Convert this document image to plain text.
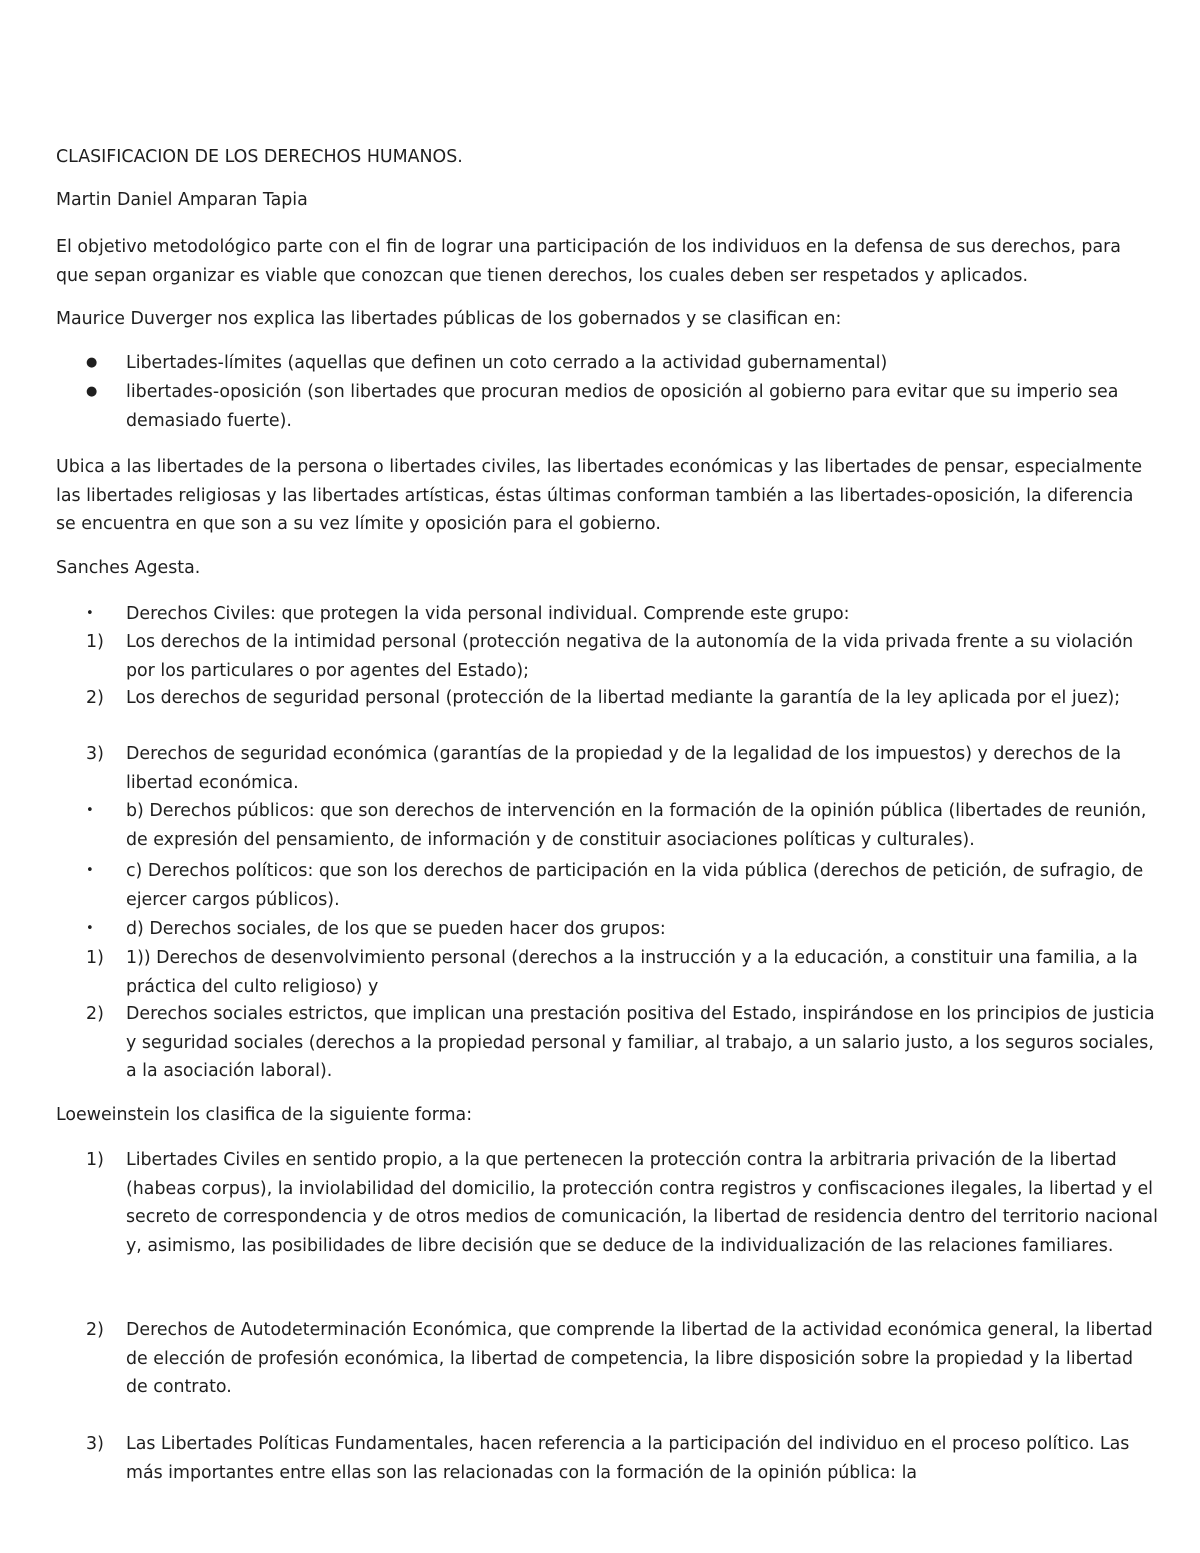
CLASIFICACION DE LOS DERECHOS HUMANOS.

Martin Daniel Amparan Tapia

El objetivo metodológico parte con el fin de lograr una participación de los individuos en la defensa de sus derechos, para que sepan organizar es viable que conozcan que tienen derechos, los cuales deben ser respetados y aplicados.

Maurice Duverger nos explica las libertades públicas de los gobernados y se clasifican en:

●	Libertades-límites (aquellas que definen un coto cerrado a la actividad gubernamental)
●	libertades-oposición (son libertades que procuran medios de oposición al gobierno para evitar que su imperio sea demasiado fuerte).

Ubica a las libertades de la persona o libertades civiles, las libertades económicas y las libertades de pensar, especialmente las libertades religiosas y las libertades artísticas, éstas últimas conforman también a las libertades-oposición, la diferencia se encuentra en que son a su vez límite y oposición para el gobierno.

Sanches Agesta.

•	Derechos Civiles: que protegen la vida personal individual. Comprende este grupo:
1)	Los derechos de la intimidad personal (protección negativa de la autonomía de la vida privada frente a su violación por los particulares o por agentes del Estado);
2)	Los derechos de seguridad personal (protección de la libertad mediante la garantía de la ley aplicada por el juez);
3)	Derechos de seguridad económica (garantías de la propiedad y de la legalidad de los impuestos) y derechos de la libertad económica.
•	b) Derechos públicos: que son derechos de intervención en la formación de la opinión pública (libertades de reunión, de expresión del pensamiento, de información y de constituir asociaciones políticas y culturales).
•	c) Derechos políticos: que son los derechos de participación en la vida pública (derechos de petición, de sufragio, de ejercer cargos públicos).
•	d) Derechos sociales, de los que se pueden hacer dos grupos:
1)	1)) Derechos de desenvolvimiento personal (derechos a la instrucción y a la educación, a constituir una familia, a la práctica del culto religioso) y
2)	Derechos sociales estrictos, que implican una prestación positiva del Estado, inspirándose en los principios de justicia y seguridad sociales (derechos a la propiedad personal y familiar, al trabajo, a un salario justo, a los seguros sociales, a la asociación laboral).

Loeweinstein los clasifica de la siguiente forma:

1)	Libertades Civiles en sentido propio, a la que pertenecen la protección contra la arbitraria privación de la libertad (habeas corpus), la inviolabilidad del domicilio, la protección contra registros y confiscaciones ilegales, la libertad y el secreto de correspondencia y de otros medios de comunicación, la libertad de residencia dentro del territorio nacional y, asimismo, las posibilidades de libre decisión que se deduce de la individualización de las relaciones familiares.
2)	Derechos de Autodeterminación Económica, que comprende la libertad de la actividad económica general, la libertad de elección de profesión económica, la libertad de competencia, la libre disposición sobre la propiedad y la libertad de contrato.
3)	Las Libertades Políticas Fundamentales, hacen referencia a la participación del individuo en el proceso político. Las más importantes entre ellas son las relacionadas con la formación de la opinión pública: la
